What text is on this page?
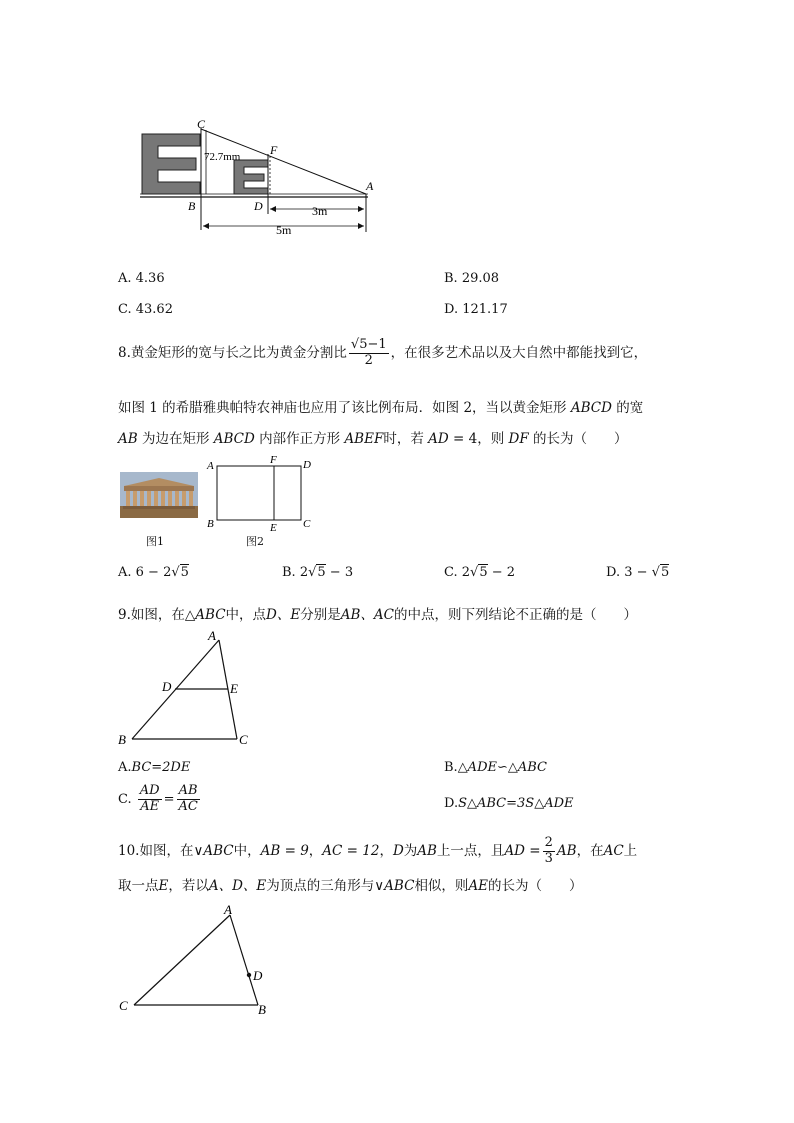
C
F
A
B	D
72.7mm
3m
5m
A. 4.36	B. 29.08
C. 43.62	D. 121.17
8.黄金矩形的宽与长之比为黄金分割比 $\frac{√5-1}{2}$ ，在很多艺术品以及大自然中都能找到它，
如图 1 的希腊雅典帕特农神庙也应用了该比例布局．如图 2，当以黄金矩形 ABCD 的宽
AB 为边在矩形 ABCD 内部作正方形 ABEF时，若 AD = 4，则 DF 的长为（　　）
图1
A	F D
B	E C
图2
A. 6 − 2√5	B. 2√5 − 3	C. 2√5 − 2	D. 3 − √5
9.如图，在△ABC中，点D、E分别是AB、AC的中点，则下列结论不正确的是（　　）
A
D	E
B	C
A.BC=2DE	B.△ADE∽△ABC
C. $\frac{AD}{AE} = \frac{AB}{AC}$	D.S△ABC=3S△ADE
10.如图，在∨ABC中，AB = 9，AC = 12，D为AB上一点，且AD = $\frac{2}{3}$ AB，在AC上
取一点E，若以A、D、E为顶点的三角形与∨ABC相似，则AE的长为（　　）
A
D
C	B
